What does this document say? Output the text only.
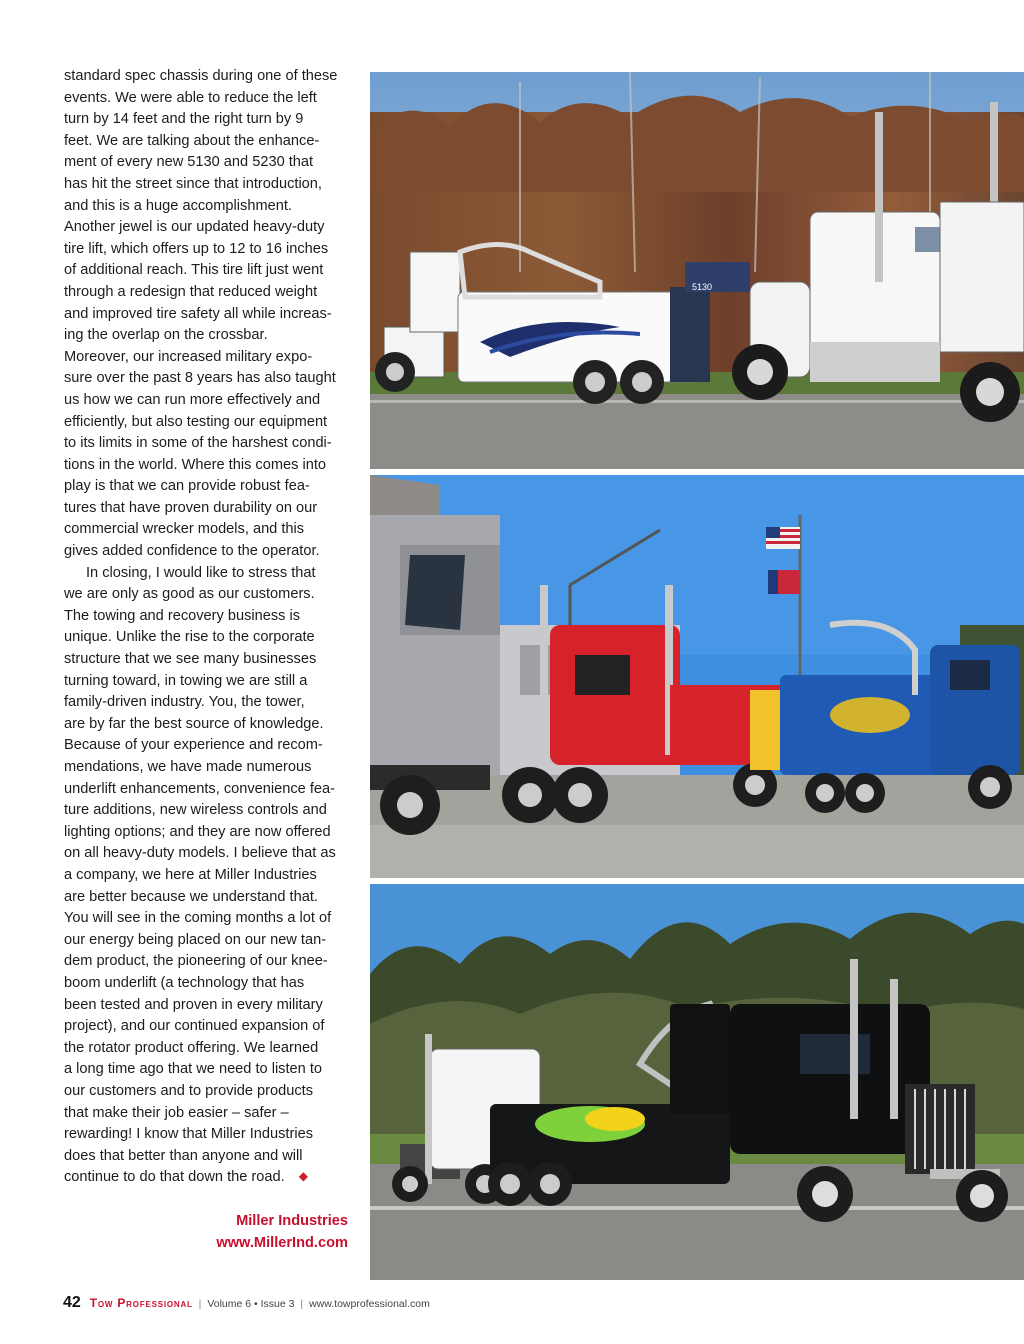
standard spec chassis during one of these
events. We were able to reduce the left
turn by 14 feet and the right turn by 9
feet. We are talking about the enhance-
ment of every new 5130 and 5230 that
has hit the street since that introduction,
and this is a huge accomplishment.
Another jewel is our updated heavy-duty
tire lift, which offers up to 12 to 16 inches
of additional reach. This tire lift just went
through a redesign that reduced weight
and improved tire safety all while increas-
ing the overlap on the crossbar.
Moreover, our increased military expo-
sure over the past 8 years has also taught
us how we can run more effectively and
efficiently, but also testing our equipment
to its limits in some of the harshest condi-
tions in the world. Where this comes into
play is that we can provide robust fea-
tures that have proven durability on our
commercial wrecker models, and this
gives added confidence to the operator.
In closing, I would like to stress that
we are only as good as our customers.
The towing and recovery business is
unique. Unlike the rise to the corporate
structure that we see many businesses
turning toward, in towing we are still a
family-driven industry. You, the tower,
are by far the best source of knowledge.
Because of your experience and recom-
mendations, we have made numerous
underlift enhancements, convenience fea-
ture additions, new wireless controls and
lighting options; and they are now offered
on all heavy-duty models. I believe that as
a company, we here at Miller Industries
are better because we understand that.
You will see in the coming months a lot of
our energy being placed on our new tan-
dem product, the pioneering of our knee-
boom underlift (a technology that has
been tested and proven in every military
project), and our continued expansion of
the rotator product offering. We learned
a long time ago that we need to listen to
our customers and to provide products
that make their job easier – safer –
rewarding! I know that Miller Industries
does that better than anyone and will
continue to do that down the road. ◆
Miller Industries
www.MillerInd.com
42 Tow Professional | Volume 6 • Issue 3 | www.towprofessional.com
5130
